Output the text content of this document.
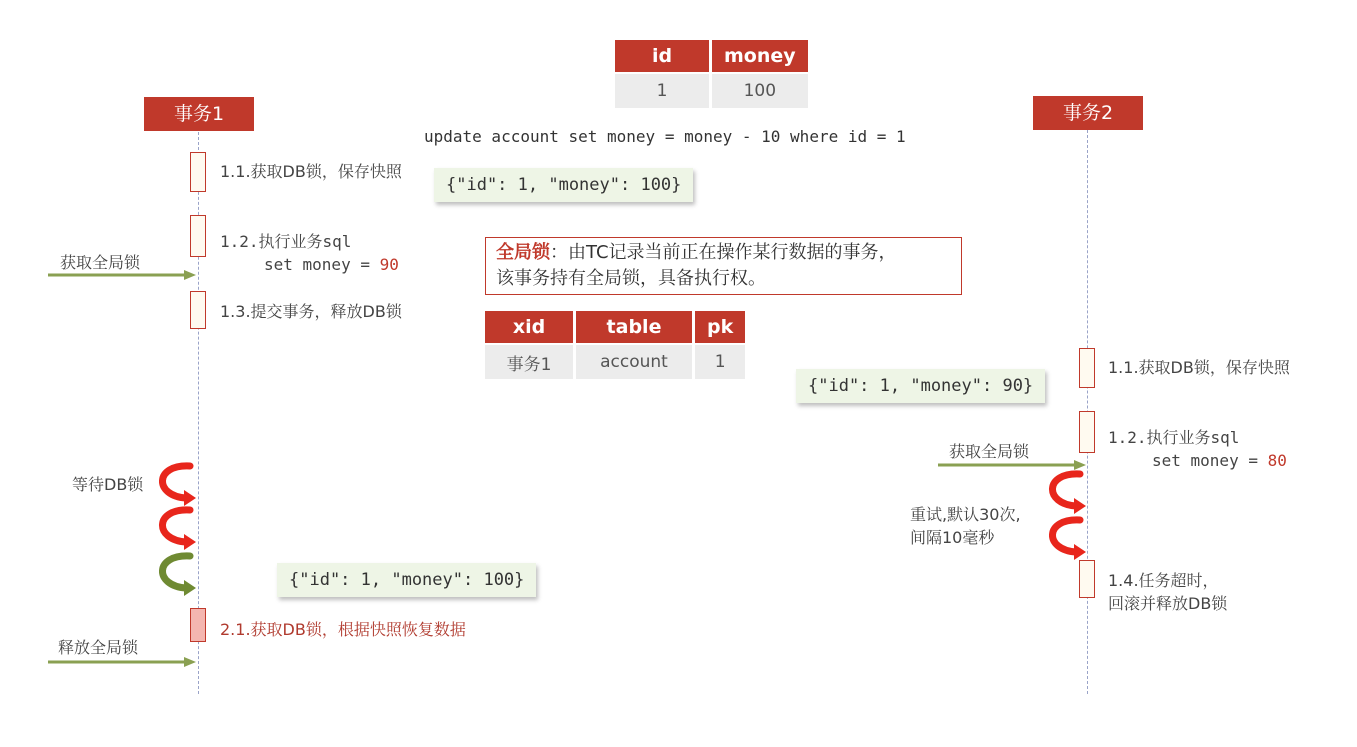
id	money
1	100
update account set money = money - 10 where id = 1
事务1	事务2
1.1.获取DB锁，保存快照
{"id": 1, "money": 100}
1.2.执行业务sql
set money = 90
获取全局锁
1.3.提交事务，释放DB锁
全局锁：由TC记录当前正在操作某行数据的事务，
该事务持有全局锁，具备执行权。
xid	table	pk
事务1	account	1
等待DB锁
{"id": 1, "money": 100}
2.1.获取DB锁，根据快照恢复数据
释放全局锁
1.1.获取DB锁，保存快照
{"id": 1, "money": 90}
1.2.执行业务sql
set money = 80
获取全局锁
重试,默认30次,
间隔10毫秒
1.4.任务超时，
回滚并释放DB锁
